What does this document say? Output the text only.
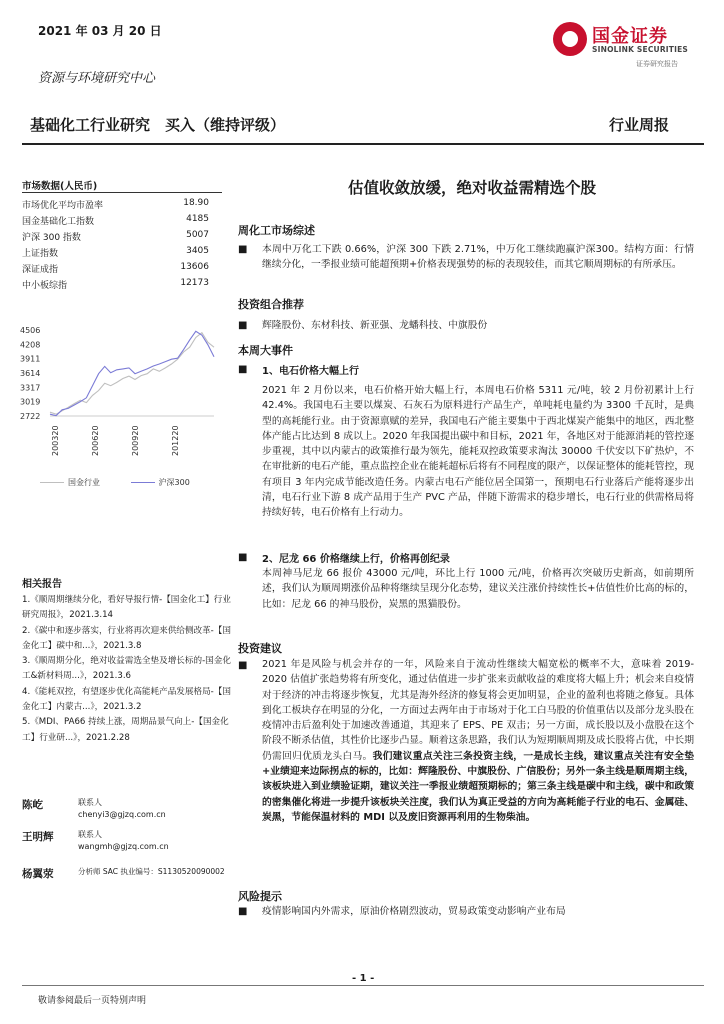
2021 年 03 月 20 日	国金证券
SINOLINK SECURITIES
证券研究报告
资源与环境研究中心
基础化工行业研究　买入（维持评级）	行业周报
市场数据(人民币)
市场优化平均市盈率	18.90
国金基础化工指数	4185
沪深 300 指数	5007
上证指数	3405
深证成指	13606
中小板综指	12173
4506
4208
3911
3614
3317
3019
2722
200320	200620	200920	201220
国金行业	沪深300
相关报告
1.《顺周期继续分化，看好导报行情-【国金化工】行业研究周报》，2021.3.14
2.《碳中和逐步落实，行业将再次迎来供给侧改革-【国金化工】碳中和...》，2021.3.8
3.《顺周期分化，绝对收益需选全垫及增长标的-国金化工&新材料周...》，2021.3.6
4.《能耗双控，有望逐步优化高能耗产品发展格局-【国金化工】内蒙古...》，2021.3.2
5.《MDI、PA66 持续上涨，周期品景气向上-【国金化工】行业研...》，2021.2.28
陈屹	联系人
chenyi3@gjzq.com.cn
王明辉	联系人
wangmh@gjzq.com.cn
杨翼荥	分析师 SAC 执业编号：S1130520090002
估值收敛放缓，绝对收益需精选个股
周化工市场综述
■ 本周中万化工下跌 0.66%，沪深 300 下跌 2.71%，中万化工继续跑赢沪深300。结构方面：行情继续分化，一季报业绩可能超预期+价格表现强势的标的表现较佳，而其它顺周期标的有所承压。
投资组合推荐
■ 辉隆股份、东材科技、新亚强、龙蟠科技、中旗股份
本周大事件
■ 1、电石价格大幅上行
2021 年 2 月份以来，电石价格开始大幅上行，本周电石价格 5311 元/吨，较 2 月份初累计上行 42.4%。我国电石主要以煤炭、石灰石为原料进行产品生产，单吨耗电量约为 3300 千瓦时，是典型的高耗能行业。由于资源禀赋的差异，我国电石产能主要集中于西北煤炭产能集中的地区，西北整体产能占比达到 8 成以上。2020 年我国提出碳中和目标，2021 年，各地区对于能源消耗的管控逐步重视，其中以内蒙古的政策推行最为领先，能耗双控政策要求淘汰 30000 千伏安以下矿热炉，不在审批新的电石产能，重点监控企业在能耗超标后将有不同程度的限产，以保证整体的能耗管控，现有项目 3 年内完成节能改造任务。内蒙古电石产能位居全国第一，预期电石行业落后产能将逐步出清，电石行业下游 8 成产品用于生产 PVC 产品，伴随下游需求的稳步增长，电石行业的供需格局将持续好转，电石价格有上行动力。
■ 2、尼龙 66 价格继续上行，价格再创纪录
本周神马尼龙 66 报价 43000 元/吨，环比上行 1000 元/吨，价格再次突破历史新高，如前期所述，我们认为顺周期涨价品种将继续呈现分化态势，建议关注涨价持续性长+估值性价比高的标的，比如：尼龙 66 的神马股份，炭黑的黑猫股份。
投资建议
■ 2021 年是风险与机会并存的一年，风险来自于流动性继续大幅宽松的概率不大，意味着 2019-2020 估值扩张趋势将有所变化，通过估值进一步扩张来贡献收益的难度将大幅上升；机会来自疫情对于经济的冲击将逐步恢复，尤其是海外经济的修复将会更加明显，企业的盈利也将随之修复。具体到化工板块存在明显的分化，一方面过去两年由于市场对于化工白马股的价值重估以及部分龙头股在疫情冲击后盈利处于加速改善通道，其迎来了 EPS、PE 双击；另一方面，成长股以及小盘股在这个阶段不断杀估值，其性价比逐步凸显。顺着这条思路，我们认为短期顺周期及成长股将占优，中长期仍需回归优质龙头白马。我们建议重点关注三条投资主线，一是成长主线，建议重点关注有安全垫+业绩迎来边际拐点的标的，比如：辉隆股份、中旗股份、广信股份；另外一条主线是顺周期主线，该板块进入到业绩验证期，建议关注一季报业绩超预期标的；第三条主线是碳中和主线，碳中和政策的密集催化将进一步提升该板块关注度，我们认为真正受益的方向为高耗能子行业的电石、金属硅、炭黑，节能保温材料的 MDI 以及废旧资源再利用的生物柴油。
风险提示
■ 疫情影响国内外需求，原油价格剧烈波动，贸易政策变动影响产业布局
- 1 -
敬请参阅最后一页特别声明
